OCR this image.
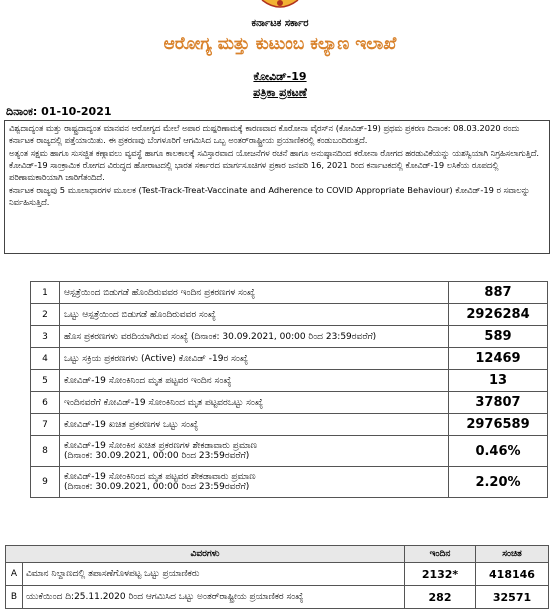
ಕರ್ನಾಟಕ ಸರ್ಕಾರ
ಆರೋಗ್ಯ ಮತ್ತು ಕುಟುಂಬ ಕಲ್ಯಾಣ ಇಲಾಖೆ
ಕೋವಿಡ್-19
ಪತ್ರಿಕಾ ಪ್ರಕಟಣೆ
ದಿನಾಂಕ: 01-10-2021

ವಿಶ್ವದಾದ್ಯಂತ ಮತ್ತು ರಾಷ್ಟ್ರದಾದ್ಯಂತ ಮಾನವನ ಆರೋಗ್ಯದ ಮೇಲೆ ಅಪಾರ ದುಷ್ಪರಿಣಾಮಕ್ಕೆ ಕಾರಣವಾದ ಕೊರೋನಾ ವೈರಸ್‌ನ (ಕೋವಿಡ್-19) ಪ್ರಥಮ ಪ್ರಕರಣ ದಿನಾಂಕ: 08.03.2020 ರಂದು ಕರ್ನಾಟಕ ರಾಜ್ಯದಲ್ಲಿ ಪತ್ತೆಯಾಯಿತು. ಈ ಪ್ರಕರಣವು ಬೆಂಗಳೂರಿಗೆ ಆಗಮಿಸಿದ ಒಬ್ಬ ಅಂತರ್‌ರಾಷ್ಟ್ರೀಯ ಪ್ರಯಾಣಿಕರಲ್ಲಿ ಕಂಡುಬಂದಿರುತ್ತದೆ.

ಅತ್ಯಂತ ಸಕ್ಷಮ ಹಾಗೂ ಸುಸಜ್ಜಿತ ಕಣ್ಗಾವಲು ವ್ಯವಸ್ಥೆ ಹಾಗೂ ಕಾಲಕಾಲಕ್ಕೆ ಸವಿಸ್ತಾರವಾದ ಯೋಜನೆಗಳ ರಚನೆ ಹಾಗೂ ಅನುಷ್ಠಾನದಿಂದ ಕರೋನಾ ರೋಗದ ಹರಡುವಿಕೆಯನ್ನು ಯಶಸ್ವಿಯಾಗಿ ನಿಗ್ರಹಿಸಲಾಗುತ್ತಿದೆ.

ಕೋವಿಡ್-19 ಸಾಂಕ್ರಾಮಿಕ ರೋಗದ ವಿರುದ್ಧದ ಹೋರಾಟದಲ್ಲಿ ಭಾರತ ಸರ್ಕಾರದ ಮಾರ್ಗಸೂಚಿಗಳ ಪ್ರಕಾರ ಜನವರಿ 16, 2021 ರಿಂದ ಕರ್ನಾಟಕದಲ್ಲಿ ಕೋವಿಡ್-19 ಲಸಿಕೆಯ ರೂಪದಲ್ಲಿ ಪರಿಣಾಮಕಾರಿಯಾಗಿ ಜಾರಿಗೆತಂದಿದೆ.

ಕರ್ನಾಟಕ ರಾಜ್ಯವು 5 ಮೂಲಾಧಾರಗಳ ಮೂಲಕ (Test-Track-Treat-Vaccinate and Adherence to COVID Appropriate Behaviour) ಕೋವಿಡ್-19 ರ ಸವಾಲನ್ನು ನಿರ್ವಹಿಸುತ್ತಿದೆ.

1	ಆಸ್ಪತ್ರೆಯಿಂದ ಬಿಡುಗಡೆ ಹೊಂದಿರುವವರ ಇಂದಿನ ಪ್ರಕರಣಗಳ ಸಂಖ್ಯೆ	887
2	ಒಟ್ಟು ಆಸ್ಪತ್ರೆಯಿಂದ ಬಿಡುಗಡೆ ಹೊಂದಿರುವವರ ಸಂಖ್ಯೆ	2926284
3	ಹೊಸ ಪ್ರಕರಣಗಳು ವರದಿಯಾಗಿರುವ ಸಂಖ್ಯೆ (ದಿನಾಂಕ: 30.09.2021, 00:00 ರಿಂದ 23:59ರವರೆಗೆ)	589
4	ಒಟ್ಟು ಸಕ್ರಿಯ ಪ್ರಕರಣಗಳು (Active) ಕೋವಿಡ್ -19ರ ಸಂಖ್ಯೆ	12469
5	ಕೋವಿಡ್-19 ಸೋಂಕಿನಿಂದ ಮೃತ ಪಟ್ಟವರ ಇಂದಿನ ಸಂಖ್ಯೆ	13
6	ಇಂದಿನವರೆಗೆ ಕೋವಿಡ್-19 ಸೋಂಕಿನಿಂದ ಮೃತ ಪಟ್ಟವರಒಟ್ಟು ಸಂಖ್ಯೆ	37807
7	ಕೋವಿಡ್-19 ಖಚಿತ ಪ್ರಕರಣಗಳ ಒಟ್ಟು ಸಂಖ್ಯೆ	2976589
8	ಕೋವಿಡ್-19 ಸೋಂಕಿನ ಖಚಿತ ಪ್ರಕರಣಗಳ ಶೇಕಡಾವಾರು ಪ್ರಮಾಣ
(ದಿನಾಂಕ: 30.09.2021, 00:00 ರಿಂದ 23:59ರವರೆಗೆ)	0.46%
9	ಕೋವಿಡ್-19 ಸೋಂಕಿನಿಂದ ಮೃತ ಪಟ್ಟವರ ಶೇಕಡಾವಾರು ಪ್ರಮಾಣ
(ದಿನಾಂಕ: 30.09.2021, 00:00 ರಿಂದ 23:59ರವರೆಗೆ)	2.20%
ವಿವರಗಳು		ಇಂದಿನ	ಸಂಚಿತ
A	ವಿಮಾನ ನಿಲ್ದಾಣದಲ್ಲಿ ತಪಾಸಣೆಗೊಳಪಟ್ಟ ಒಟ್ಟು ಪ್ರಯಾಣಿಕರು	2132*	418146
B	ಯುಕೆಯಿಂದ ದಿ:25.11.2020 ರಿಂದ ಆಗಮಿಸಿದ ಒಟ್ಟು ಅಂತರ್‌ರಾಷ್ಟ್ರೀಯ ಪ್ರಯಾಣಿಕರ ಸಂಖ್ಯೆ	282	32571
